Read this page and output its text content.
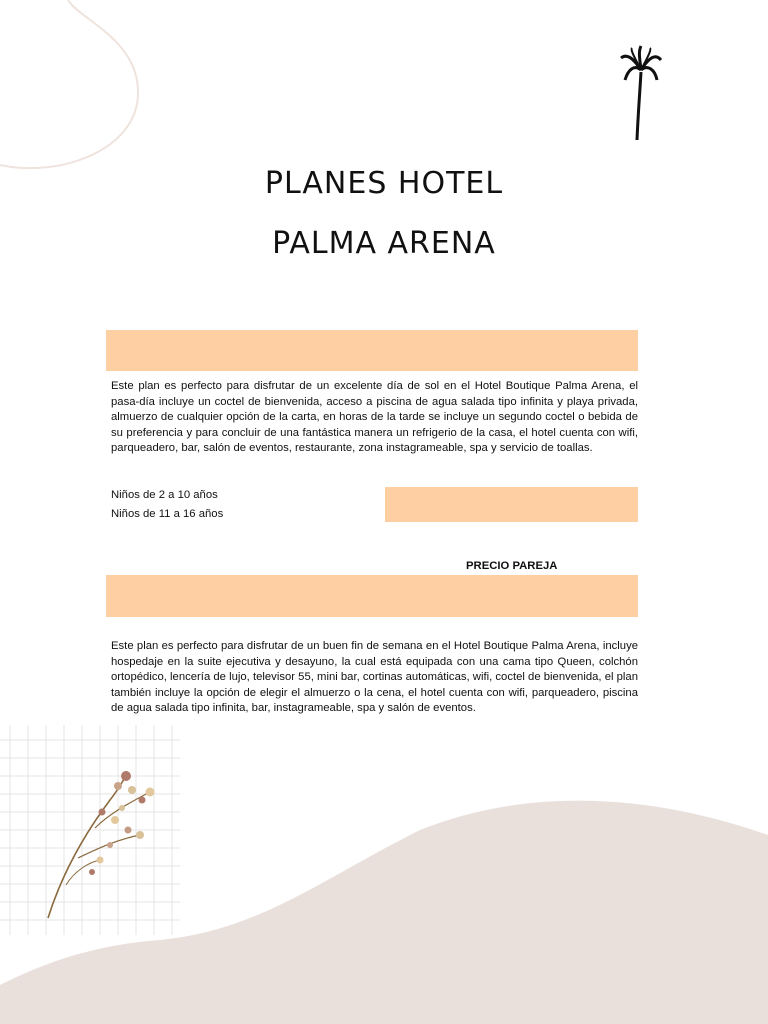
PLANES HOTEL
PALMA ARENA

Este plan es perfecto para disfrutar de un excelente día de sol en el Hotel Boutique Palma Arena, el pasa-día incluye un coctel de bienvenida, acceso a piscina de agua salada tipo infinita y playa privada, almuerzo de cualquier opción de la carta, en horas de la tarde se incluye un segundo coctel o bebida de su preferencia y para concluir de una fantástica manera un refrigerio de la casa, el hotel cuenta con wifi, parqueadero, bar, salón de eventos, restaurante, zona instagrameable, spa y servicio de toallas.

Niños de 2 a 10 años
Niños de 11 a 16 años
PRECIO PAREJA

Este plan es perfecto para disfrutar de un buen fin de semana en el Hotel Boutique Palma Arena, incluye hospedaje en la suite ejecutiva y desayuno, la cual está equipada con una cama tipo Queen, colchón ortopédico, lencería de lujo, televisor 55, mini bar, cortinas automáticas, wifi, coctel de bienvenida, el plan también incluye la opción de elegir el almuerzo o la cena, el hotel cuenta con wifi, parqueadero, piscina de agua salada tipo infinita, bar, instagrameable, spa y salón de eventos.
